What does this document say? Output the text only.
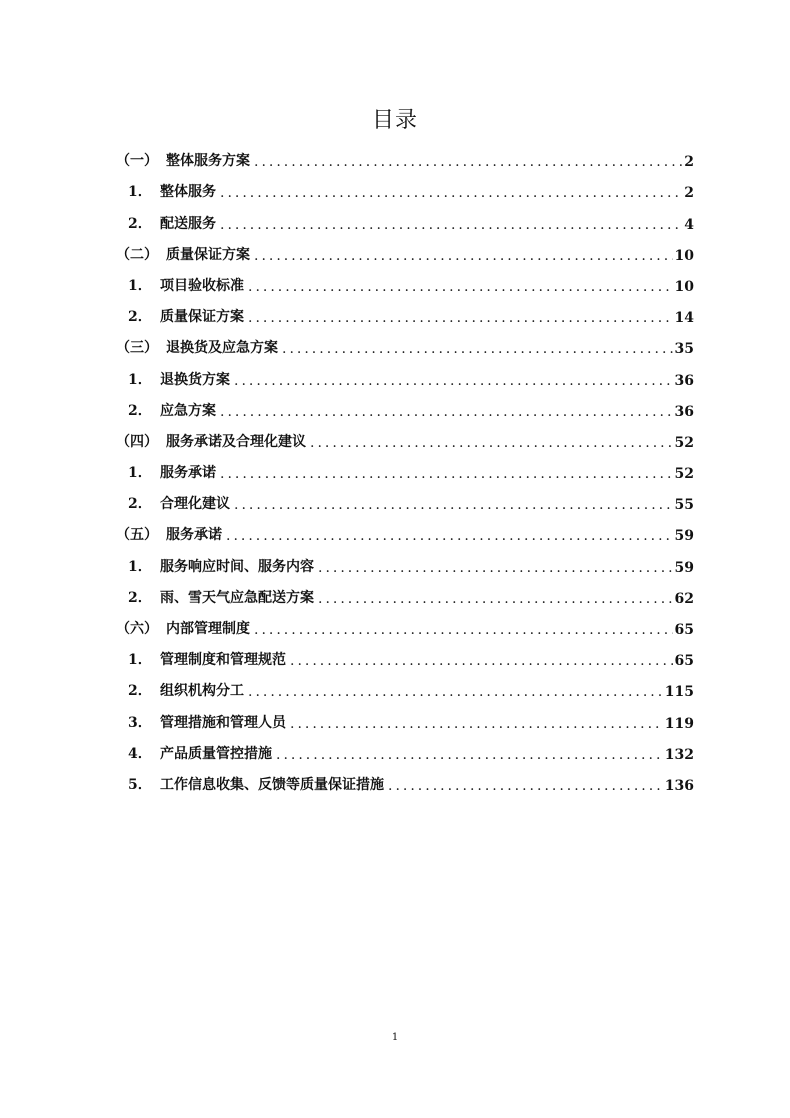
目录
（一） 整体服务方案 .....	2
1． 整体服务 .....	2
2． 配送服务 .....	4
（二） 质量保证方案 .....	10
1． 项目验收标准 .....	10
2． 质量保证方案 .....	14
（三） 退换货及应急方案 .....	35
1． 退换货方案 .....	36
2． 应急方案 .....	36
（四） 服务承诺及合理化建议 .....	52
1． 服务承诺 .....	52
2． 合理化建议 .....	55
（五） 服务承诺 .....	59
1． 服务响应时间、服务内容 .....	59
2． 雨、雪天气应急配送方案 .....	62
（六） 内部管理制度 .....	65
1． 管理制度和管理规范 .....	65
2． 组织机构分工 .....	115
3． 管理措施和管理人员 .....	119
4． 产品质量管控措施 .....	132
5． 工作信息收集、反馈等质量保证措施 .....	136
1
